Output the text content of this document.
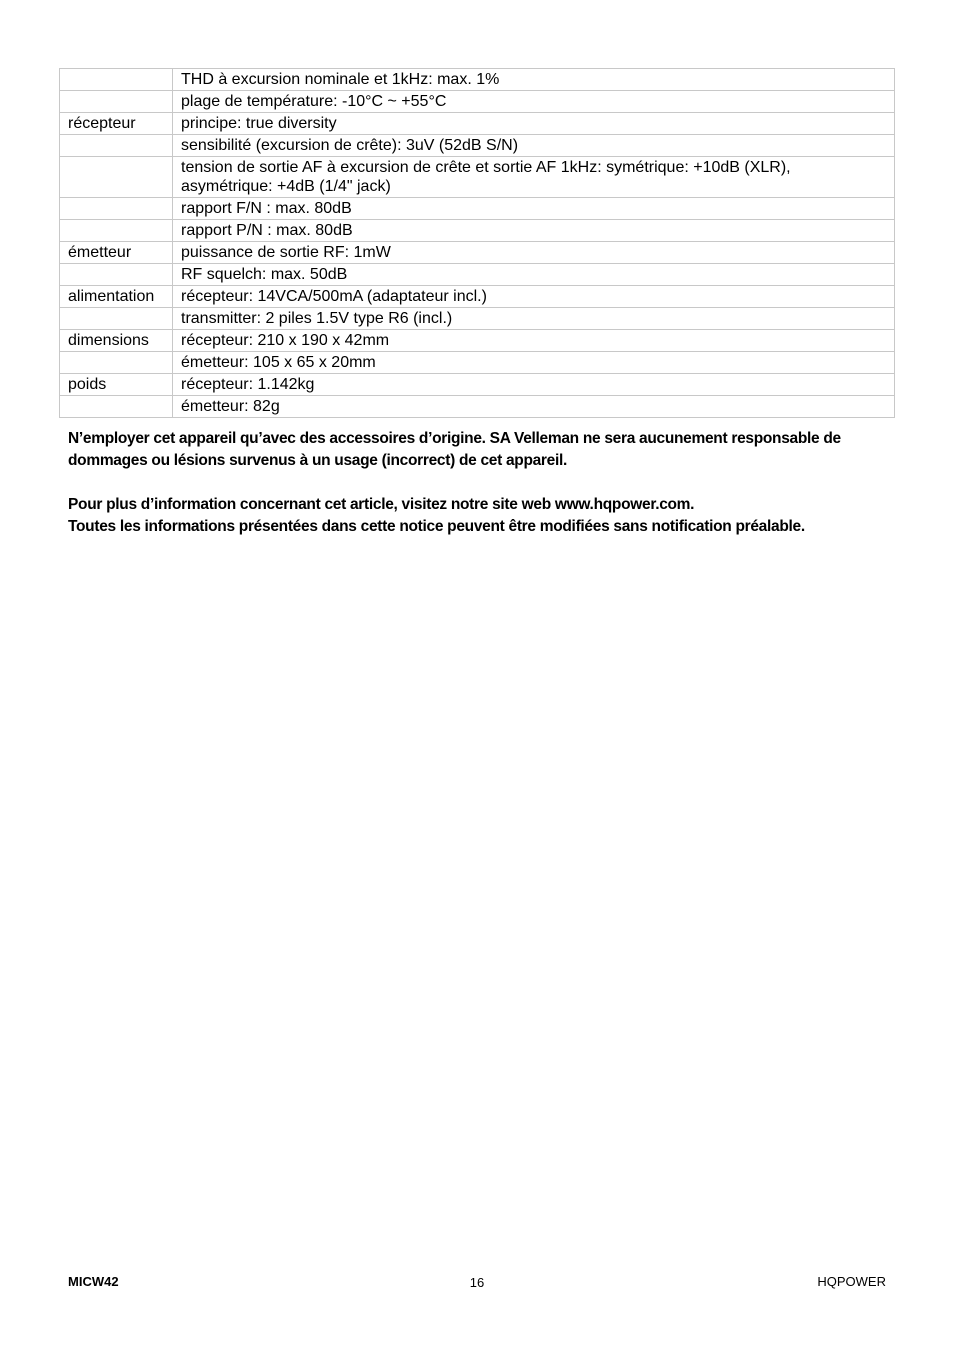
	THD à excursion nominale et 1kHz: max. 1%
	plage de température: -10°C ~ +55°C
récepteur	principe: true diversity
	sensibilité (excursion de crête): 3uV (52dB S/N)
	tension de sortie AF à excursion de crête et sortie AF 1kHz: symétrique: +10dB (XLR), asymétrique: +4dB (1/4" jack)
	rapport F/N : max. 80dB
	rapport P/N : max. 80dB
émetteur	puissance de sortie RF: 1mW
	RF squelch: max. 50dB
alimentation	récepteur: 14VCA/500mA (adaptateur incl.)
	transmitter: 2 piles 1.5V type R6 (incl.)
dimensions	récepteur: 210 x 190 x 42mm
	émetteur: 105 x 65 x 20mm
poids	récepteur: 1.142kg
	émetteur: 82g

N’employer cet appareil qu’avec des accessoires d’origine. SA Velleman ne sera aucunement responsable de dommages ou lésions survenus à un usage (incorrect) de cet appareil.

Pour plus d’information concernant cet article, visitez notre site web www.hqpower.com.

Toutes les informations présentées dans cette notice peuvent être modifiées sans notification préalable.

MICW42	16	HQPOWER
